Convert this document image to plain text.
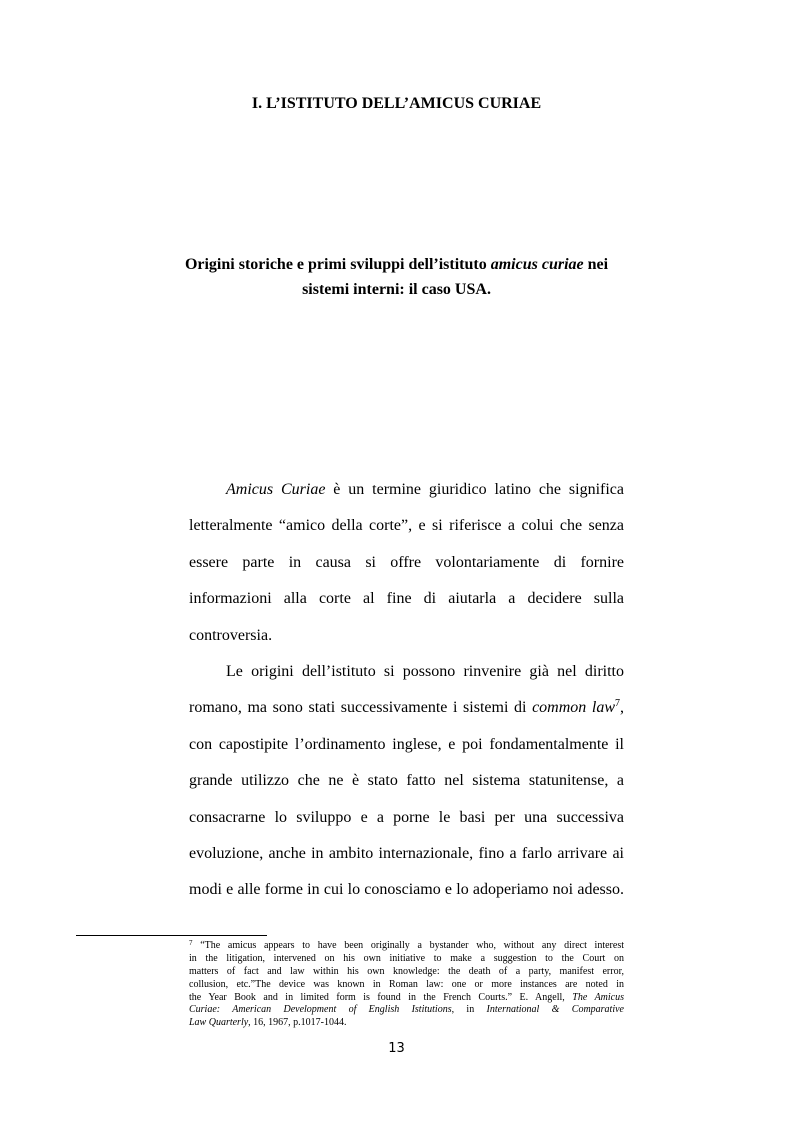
I. L’ISTITUTO DELL’AMICUS CURIAE
Origini storiche e primi sviluppi dell’istituto amicus curiae nei
sistemi interni: il caso USA.
Amicus Curiae è un termine giuridico latino che significa
letteralmente “amico della corte”, e si riferisce a colui che senza
essere parte in causa si offre volontariamente di fornire
informazioni alla corte al fine di aiutarla a decidere sulla
controversia.
Le origini dell’istituto si possono rinvenire già nel diritto
romano, ma sono stati successivamente i sistemi di common law$^7$,
con capostipite l’ordinamento inglese, e poi fondamentalmente il
grande utilizzo che ne è stato fatto nel sistema statunitense, a
consacrarne lo sviluppo e a porne le basi per una successiva
evoluzione, anche in ambito internazionale, fino a farlo arrivare ai
modi e alle forme in cui lo conosciamo e lo adoperiamo noi adesso.
$^7$ “The amicus appears to have been originally a bystander who, without any direct interest
in the litigation, intervened on his own initiative to make a suggestion to the Court on
matters of fact and law within his own knowledge: the death of a party, manifest error,
collusion, etc.”The device was known in Roman law: one or more instances are noted in
the Year Book and in limited form is found in the French Courts.” E. Angell, The Amicus
Curiae: American Development of English Istitutions, in International & Comparative
Law Quarterly, 16, 1967, p.1017-1044.
13
